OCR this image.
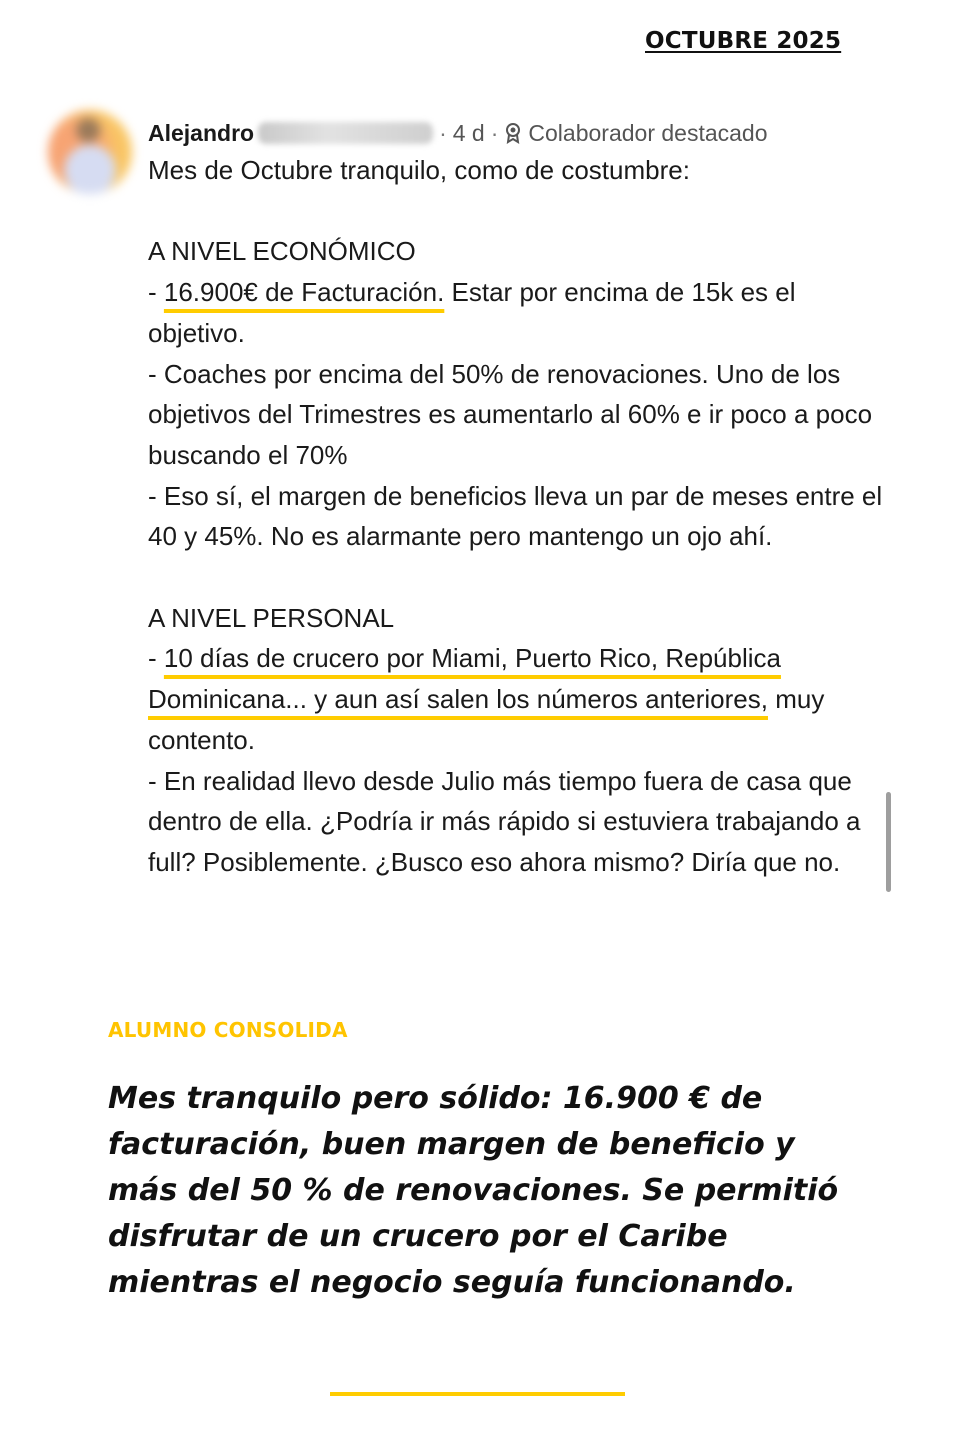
OCTUBRE 2025
Alejandro	· 4 d · Colaborador destacado

Mes de Octubre tranquilo, como de costumbre:

A NIVEL ECONÓMICO

- 16.900€ de Facturación. Estar por encima de 15k es el objetivo.

- Coaches por encima del 50% de renovaciones. Uno de los objetivos del Trimestres es aumentarlo al 60% e ir poco a poco buscando el 70%

- Eso sí, el margen de beneficios lleva un par de meses entre el 40 y 45%. No es alarmante pero mantengo un ojo ahí.

A NIVEL PERSONAL

- 10 días de crucero por Miami, Puerto Rico, República Dominicana... y aun así salen los números anteriores, muy contento.

- En realidad llevo desde Julio más tiempo fuera de casa que dentro de ella. ¿Podría ir más rápido si estuviera trabajando a full? Posiblemente. ¿Busco eso ahora mismo? Diría que no.

ALUMNO CONSOLIDA

Mes tranquilo pero sólido: 16.900 € de facturación, buen margen de beneficio y más del 50 % de renovaciones. Se permitió disfrutar de un crucero por el Caribe mientras el negocio seguía funcionando.
